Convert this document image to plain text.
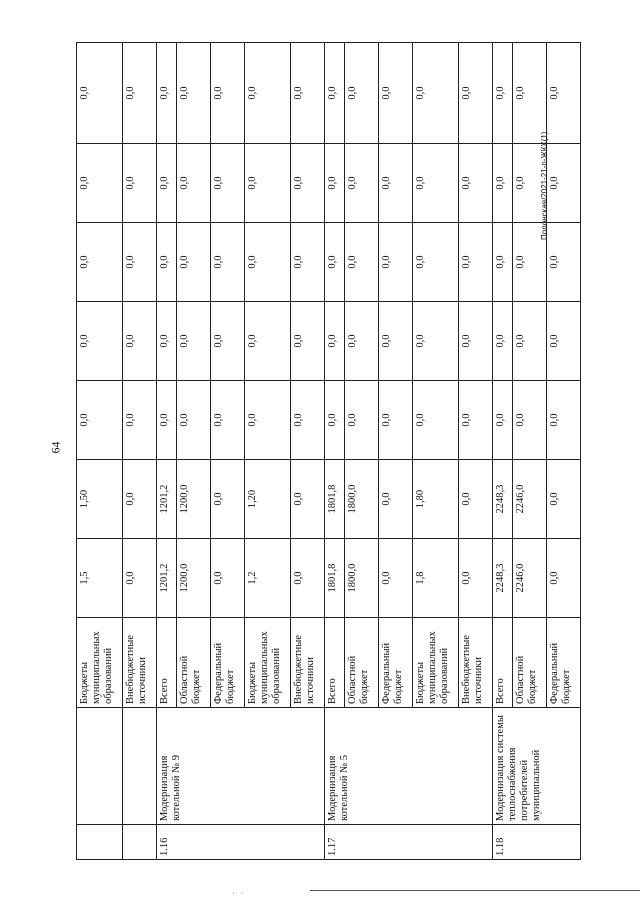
64
Полонская/2021-21-п-ЖКХ(1)
		Бюджеты муниципальных образований	1,5	1,50	0,0	0,0	0,0	0,0	0,0
		Внебюджетные источники	0,0	0,0	0,0	0,0	0,0	0,0	0,0
1.16	Модернизация котельной № 9	Всего	1201,2	1201,2	0,0	0,0	0,0	0,0	0,0
		Областной бюджет	1200,0	1200,0	0,0	0,0	0,0	0,0	0,0
		Федеральный бюджет	0,0	0,0	0,0	0,0	0,0	0,0	0,0
		Бюджеты муниципальных образований	1,2	1,20	0,0	0,0	0,0	0,0	0,0
		Внебюджетные источники	0,0	0,0	0,0	0,0	0,0	0,0	0,0
1.17	Модернизация котельной № 5	Всего	1801,8	1801,8	0,0	0,0	0,0	0,0	0,0
		Областной бюджет	1800,0	1800,0	0,0	0,0	0,0	0,0	0,0
		Федеральный бюджет	0,0	0,0	0,0	0,0	0,0	0,0	0,0
		Бюджеты муниципальных образований	1,8	1,80	0,0	0,0	0,0	0,0	0,0
		Внебюджетные источники	0,0	0,0	0,0	0,0	0,0	0,0	0,0
1.18	Модернизация системы теплоснабжения потребителей муниципальной	Всего	2248,3	2248,3	0,0	0,0	0,0	0,0	0,0
		Областной бюджет	2246,0	2246,0	0,0	0,0	0,0	0,0	0,0
		Федеральный бюджет	0,0	0,0	0,0	0,0	0,0	0,0	0,0
· ·
